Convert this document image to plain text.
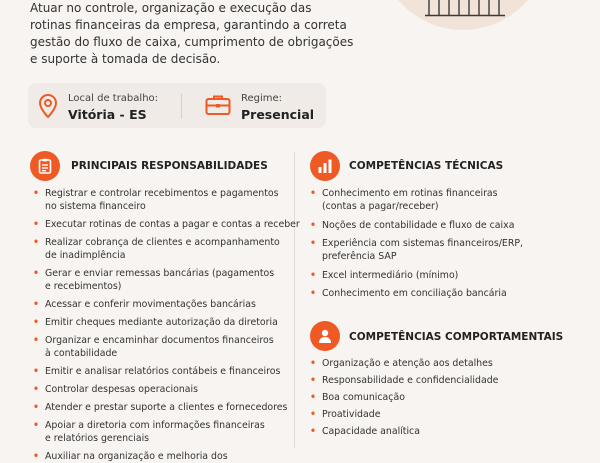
Atuar no controle, organização e execução das
rotinas financeiras da empresa, garantindo a correta
gestão do fluxo de caixa, cumprimento de obrigações
e suporte à tomada de decisão.
Local de trabalho:
Vitória - ES
Regime:
Presencial
PRINCIPAIS RESPONSABILIDADES
• Registrar e controlar recebimentos e pagamentos
no sistema financeiro
• Executar rotinas de contas a pagar e contas a receber
• Realizar cobrança de clientes e acompanhamento
de inadimplência
• Gerar e enviar remessas bancárias (pagamentos
e recebimentos)
• Acessar e conferir movimentações bancárias
• Emitir cheques mediante autorização da diretoria
• Organizar e encaminhar documentos financeiros
à contabilidade
• Emitir e analisar relatórios contábeis e financeiros
• Controlar despesas operacionais
• Atender e prestar suporte a clientes e fornecedores
• Apoiar a diretoria com informações financeiras
e relatórios gerenciais
• Auxiliar na organização e melhoria dos
COMPETÊNCIAS TÉCNICAS
• Conhecimento em rotinas financeiras
(contas a pagar/receber)
• Noções de contabilidade e fluxo de caixa
• Experiência com sistemas financeiros/ERP,
preferência SAP
• Excel intermediário (mínimo)
• Conhecimento em conciliação bancária
COMPETÊNCIAS COMPORTAMENTAIS
• Organização e atenção aos detalhes
• Responsabilidade e confidencialidade
• Boa comunicação
• Proatividade
• Capacidade analítica
